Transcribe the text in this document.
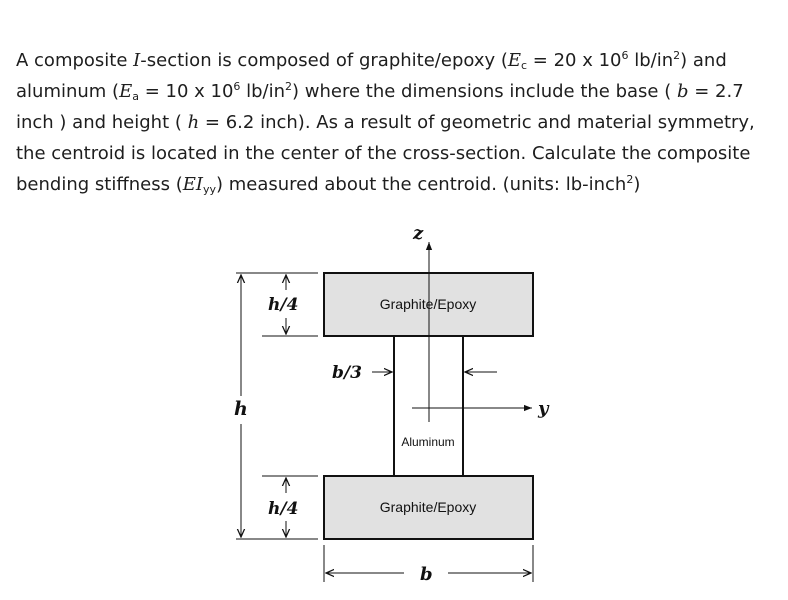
A composite I-section is composed of graphite/epoxy ($E_c = 20$ x $10^6$ $lb/in^2$) and aluminum ($E_a = 10$ x $10^6$ $lb/in^2$) where the dimensions include the base ( b = 2.7 inch ) and height ( h = 6.2 inch). As a result of geometric and material symmetry, the centroid is located in the center of the cross-section. Calculate the composite bending stiffness $(EI_{yy})$ measured about the centroid. (units: lb-inch$^2$)

z
y
h
h/4
h/4
b/3
b
Graphite/Epoxy
Aluminum
Graphite/Epoxy
